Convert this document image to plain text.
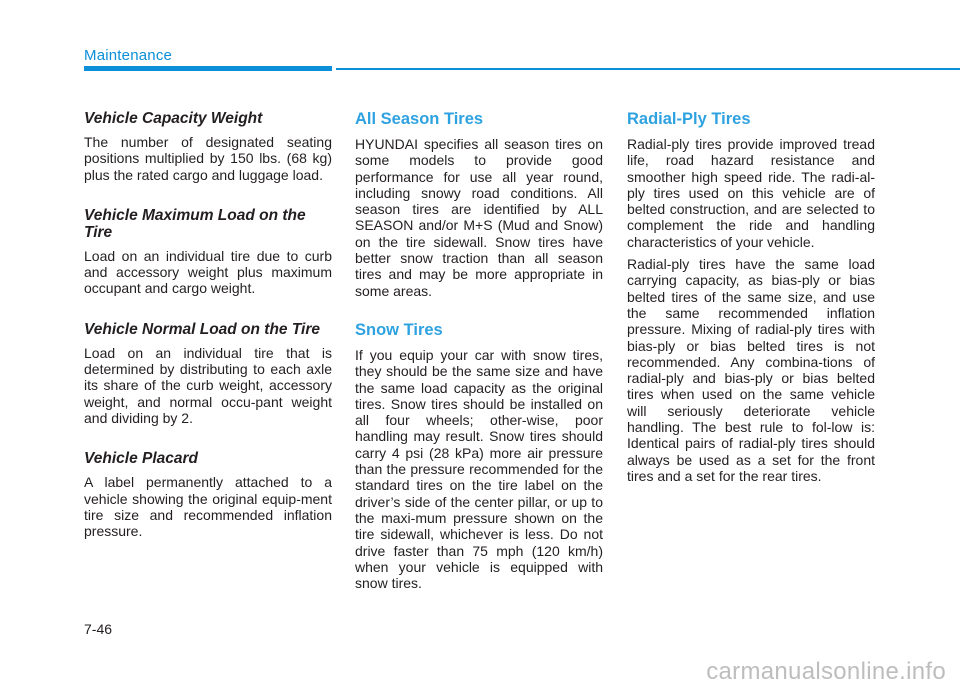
Maintenance
Vehicle Capacity Weight

The number of designated seating positions multiplied by 150 lbs. (68 kg) plus the rated cargo and luggage load.

Vehicle Maximum Load on the Tire

Load on an individual tire due to curb and accessory weight plus maximum occupant and cargo weight.

Vehicle Normal Load on the Tire

Load on an individual tire that is determined by distributing to each axle its share of the curb weight, accessory weight, and normal occu-pant weight and dividing by 2.

Vehicle Placard

A label permanently attached to a vehicle showing the original equip-ment tire size and recommended inflation pressure.

All Season Tires

HYUNDAI specifies all season tires on some models to provide good performance for use all year round, including snowy road conditions. All season tires are identified by ALL SEASON and/or M+S (Mud and Snow) on the tire sidewall. Snow tires have better snow traction than all season tires and may be more appropriate in some areas.

Snow Tires

If you equip your car with snow tires, they should be the same size and have the same load capacity as the original tires. Snow tires should be installed on all four wheels; other-wise, poor handling may result. Snow tires should carry 4 psi (28 kPa) more air pressure than the pressure recommended for the standard tires on the tire label on the driver’s side of the center pillar, or up to the maxi-mum pressure shown on the tire sidewall, whichever is less. Do not drive faster than 75 mph (120 km/h) when your vehicle is equipped with snow tires.

Radial-Ply Tires

Radial-ply tires provide improved tread life, road hazard resistance and smoother high speed ride. The radi-al-ply tires used on this vehicle are of belted construction, and are selected to complement the ride and handling characteristics of your vehicle.

Radial-ply tires have the same load carrying capacity, as bias-ply or bias belted tires of the same size, and use the same recommended inflation pressure. Mixing of radial-ply tires with bias-ply or bias belted tires is not recommended. Any combina-tions of radial-ply and bias-ply or bias belted tires when used on the same vehicle will seriously deteriorate vehicle handling. The best rule to fol-low is: Identical pairs of radial-ply tires should always be used as a set for the front tires and a set for the rear tires.

7-46
carmanualsonline.info
